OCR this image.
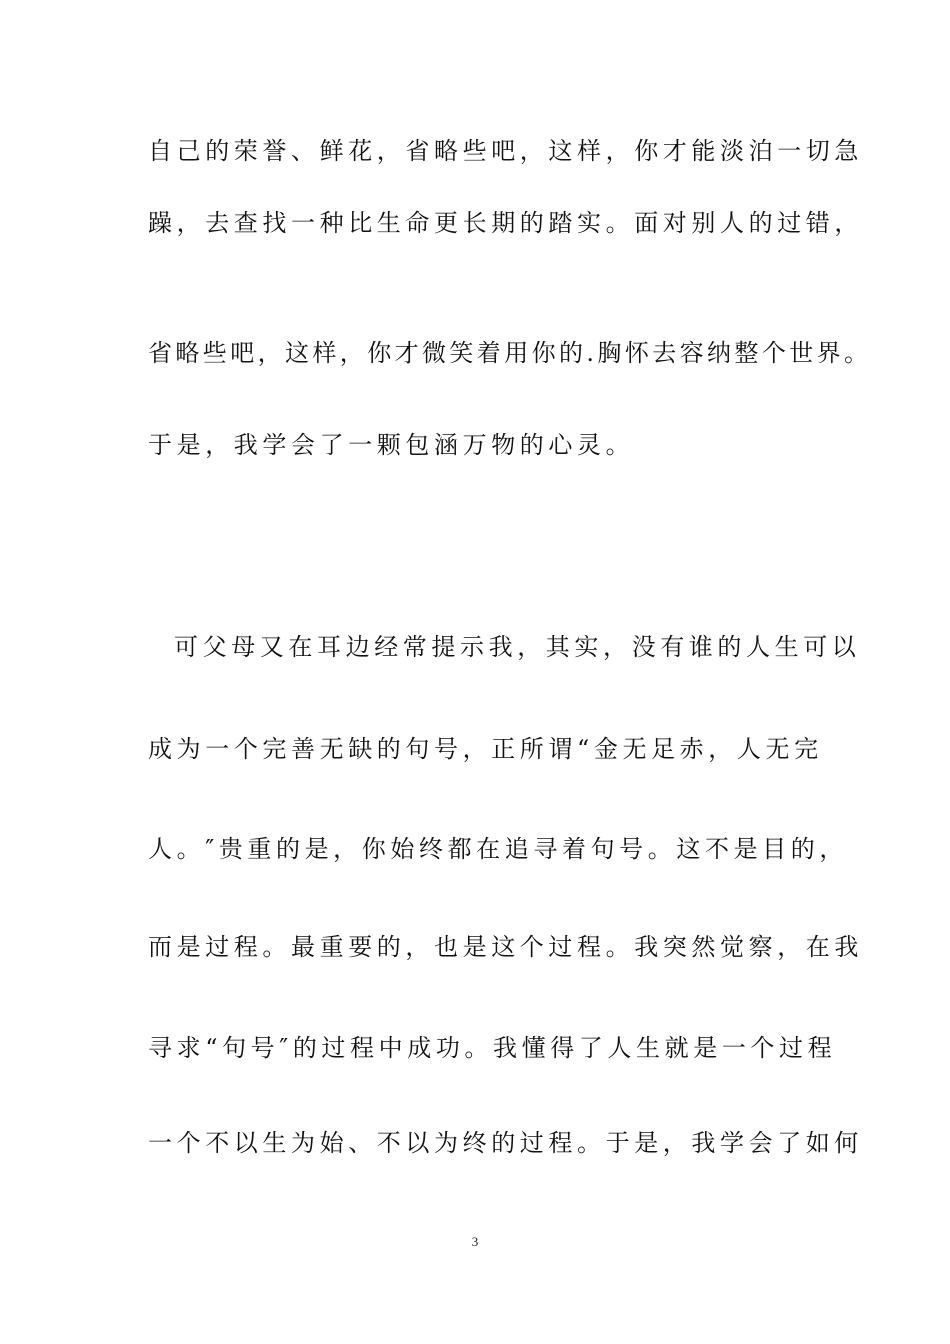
自己的荣誉、鲜花，省略些吧，这样，你才能淡泊一切急
躁，去查找一种比生命更长期的踏实。面对别人的过错，
省略些吧，这样，你才微笑着用你的.胸怀去容纳整个世界。
于是，我学会了一颗包涵万物的心灵。
可父母又在耳边经常提示我，其实，没有谁的人生可以
成为一个完善无缺的句号，正所谓“金无足赤，人无完
人。″贵重的是，你始终都在追寻着句号。这不是目的，
而是过程。最重要的，也是这个过程。我突然觉察，在我
寻求“句号″的过程中成功。我懂得了人生就是一个过程
一个不以生为始、不以为终的过程。于是，我学会了如何
3
